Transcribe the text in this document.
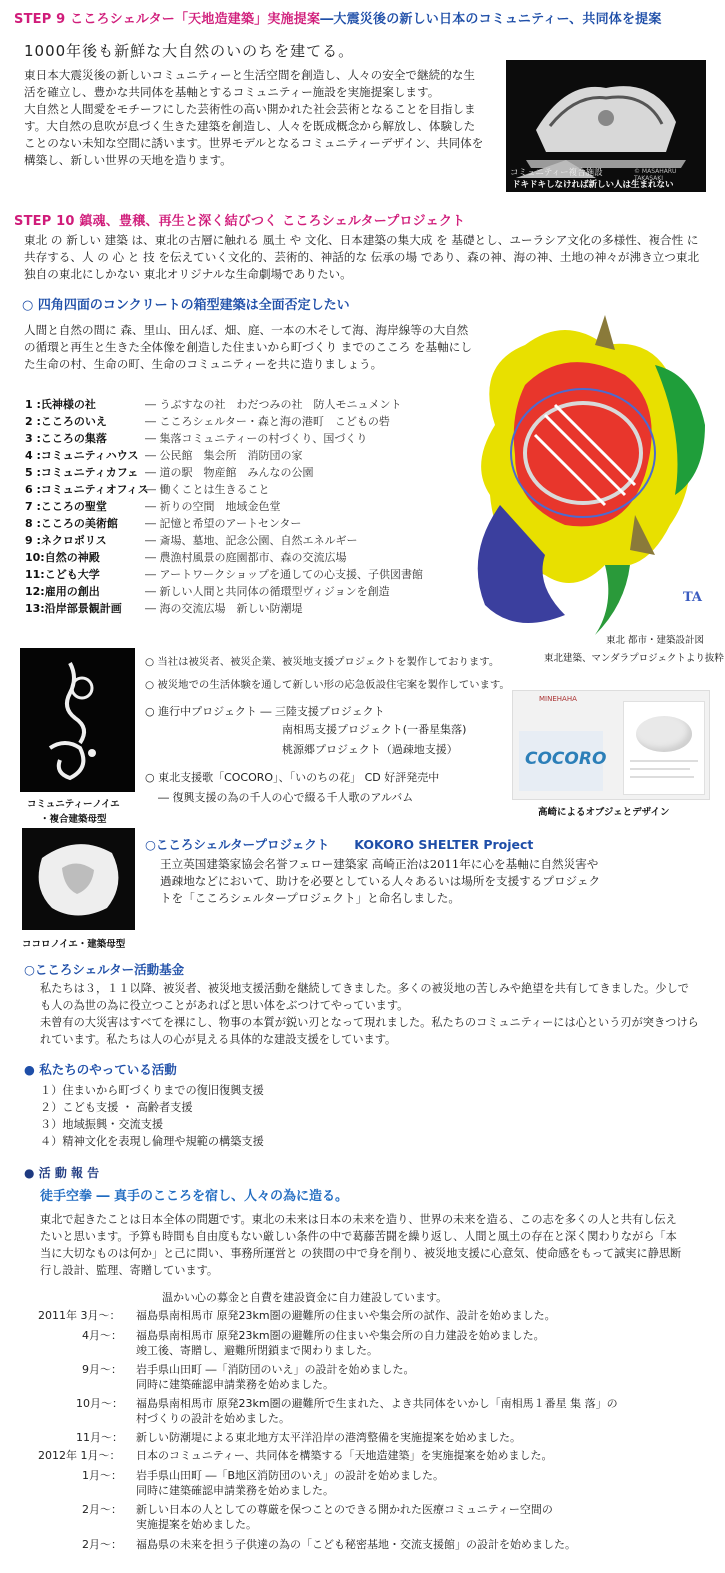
STEP 9 こころシェルター「天地造建築」実施提案―大震災後の新しい日本のコミュニティー、共同体を提案
1000年後も新鮮な大自然のいのちを建てる。
東日本大震災後の新しいコミュニティーと生活空間を創造し、人々の安全で継続的な生活を確立し、豊かな共同体を基軸とするコミュニティー施設を実施提案します。
大自然と人間愛をモチーフにした芸術性の高い開かれた社会芸術となることを目指します。大自然の息吹が息づく生きた建築を創造し、人々を既成概念から解放し、体験したことのない未知な空間に誘います。世界モデルとなるコミュニティーデザイン、共同体を構築し、新しい世界の天地を造ります。
コミュニティー複合施設	© MASAHARU TAKASAKI
ドキドキしなければ新しい人は生まれない
STEP 10 鎮魂、豊穣、再生と深く結びつく こころシェルタープロジェクト
東北 の 新しい 建築 は、東北の古層に触れる 風土 や 文化、日本建築の集大成 を 基礎とし、ユーラシア文化の多様性、複合性 に 共存する、人 の 心 と 技 を伝えていく文化的、芸術的、神話的な 伝承の場 であり、森の神、海の神、土地の神々が沸き立つ東北独自の東北にしかない 東北オリジナルな生命劇場でありたい。
○ 四角四面のコンクリートの箱型建築は全面否定したい
人間と自然の間に 森、里山、田んぼ、畑、庭、一本の木そして海、海岸線等の大自然の循環と再生と生きた全体像を創造した住まいから町づくり までのこころ を基軸にした生命の村、生命の町、生命のコミュニティーを共に造りましょう。
1 :氏神様の社	― うぶすなの社　わだつみの社　防人モニュメント
2 :こころのいえ	― こころシェルター・森と海の港町　こどもの砦
3 :こころの集落	― 集落コミュニティーの村づくり、国づくり
4 :コミュニティハウス ― 公民館　集会所　消防団の家
5 :コミュニティカフェ ― 道の駅　物産館　みんなの公園
6 :コミュニティオフィス― 働くことは生きること
7 :こころの聖堂	― 祈りの空間　地域金色堂
8 :こころの美術館 ― 記憶と希望のアートセンター
9 :ネクロポリス	― 斎場、墓地、記念公園、自然エネルギー
10:自然の神殿	― 農漁村風景の庭園都市、森の交流広場
11:こども大学	― アートワークショップを通しての心支援、子供図書館
12:雇用の創出	― 新しい人間と共同体の循環型ヴィジョンを創造
13:沿岸部景観計画 ― 海の交流広場　新しい防潮堤
TA
東北 都市・建築設計図
東北建築、マンダラプロジェクトより抜粋
コミュニティーノイエ
・複合建築母型
○ 当社は被災者、被災企業、被災地支援プロジェクトを製作しております。
○ 被災地での生活体験を通して新しい形の応急仮設住宅案を製作しています。
○ 進行中プロジェクト ― 三陸支援プロジェクト
南相馬支援プロジェクト(一番星集落)
桃源郷プロジェクト（過疎地支援）
○ 東北支援歌「COCORO」、「いのちの花」 CD 好評発売中
― 復興支援の為の千人の心で綴る千人歌のアルバム
MINEHAHA
COCORO
高崎によるオブジェとデザイン
ココロノイエ・建築母型
○こころシェルタープロジェクト　　KOKORO SHELTER Project
王立英国建築家協会名誉フェロー建築家 高崎正治は2011年に心を基軸に自然災害や過疎地などにおいて、助けを必要としている人々あるいは場所を支援するプロジェクトを「こころシェルタープロジェクト」と命名しました。
○こころシェルター活動基金
私たちは３，１１以降、被災者、被災地支援活動を継続してきました。多くの被災地の苦しみや絶望を共有してきました。少しでも人の為世の為に役立つことがあればと思い体をぶつけてやっています。
未曾有の大災害はすべてを裸にし、物事の本質が鋭い刃となって現れました。私たちのコミュニティーには心という刃が突きつけられています。私たちは人の心が見える具体的な建設支援をしています。
● 私たちのやっている活動
１）住まいから町づくりまでの復旧復興支援
２）こども支援 ・ 高齢者支援
３）地域振興・交流支援
４）精神文化を表現し倫理や規範の構築支援
● 活 動 報 告
徒手空拳 ― 真手のこころを宿し、人々の為に造る。
東北で起きたことは日本全体の問題です。東北の未来は日本の未来を造り、世界の未来を造る、この志を多くの人と共有し伝えたいと思います。予算も時間も自由度もない厳しい条件の中で葛藤苦闘を繰り返し、人間と風土の存在と深く関わりながら「本当に大切なものは何か」と己に問い、事務所運営と の狭間の中で身を削り、被災地支援に心意気、使命感をもって誠実に静思断行し設計、監理、寄贈しています。
温かい心の募金と自費を建設資金に自力建設しています。
2011年 3月～： 福島県南相馬市 原発23km圏の避難所の住まいや集会所の試作、設計を始めました。
4月～： 福島県南相馬市 原発23km圏の避難所の住まいや集会所の自力建設を始めました。
竣工後、寄贈し、避難所閉鎖まで関わりました。
9月～： 岩手県山田町 ―「消防団のいえ」の設計を始めました。
同時に建築確認申請業務を始めました。
10月～： 福島県南相馬市 原発23km圏の避難所で生まれた、よき共同体をいかし「南相馬１番星 集 落」の
村づくりの設計を始めました。
11月～： 新しい防潮堤による東北地方太平洋沿岸の港湾整備を実施提案を始めました。
2012年 1月～： 日本のコミュニティー、共同体を構築する「天地造建築」を実施提案を始めました。
1月～： 岩手県山田町 ―「B地区消防団のいえ」の設計を始めました。
同時に建築確認申請業務を始めました。
2月～： 新しい日本の人としての尊厳を保つことのできる開かれた医療コミュニティー空間の
実施提案を始めました。
2月～： 福島県の未来を担う子供達の為の「こども秘密基地・交流支援館」の設計を始めました。
